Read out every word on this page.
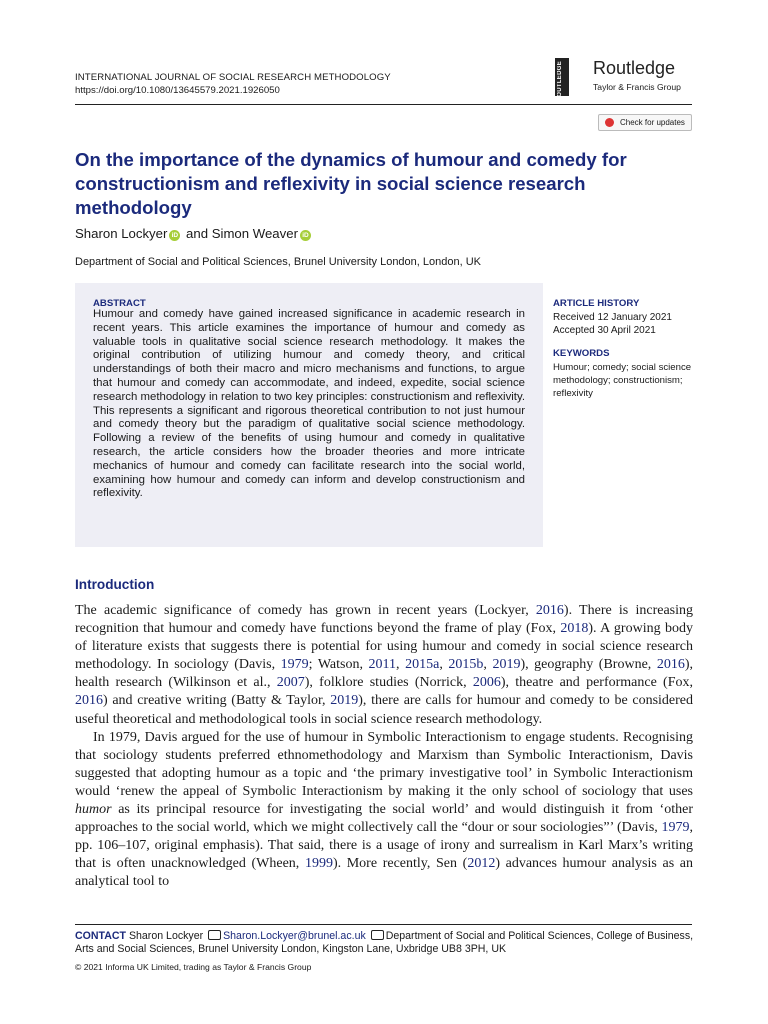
INTERNATIONAL JOURNAL OF SOCIAL RESEARCH METHODOLOGY
https://doi.org/10.1080/13645579.2021.1926050	ROUTLEDGE Routledge
Taylor & Francis Group
Check for updates
On the importance of the dynamics of humour and comedy for constructionism and reflexivity in social science research methodology
Sharon Lockyer iD and Simon Weaver iD
Department of Social and Political Sciences, Brunel University London, London, UK
ABSTRACT
Humour and comedy have gained increased significance in academic research in recent years. This article examines the importance of humour and comedy as valuable tools in qualitative social science research methodology. It makes the original contribution of utilizing humour and comedy theory, and critical understandings of both their macro and micro mechanisms and functions, to argue that humour and comedy can accommodate, and indeed, expedite, social science research methodology in relation to two key principles: constructionism and reflexivity. This represents a significant and rigorous theoretical contribution to not just humour and comedy theory but the paradigm of qualitative social science methodology. Following a review of the benefits of using humour and comedy in qualitative research, the article considers how the broader theories and more intricate mechanics of humour and comedy can facilitate research into the social world, examining how humour and comedy can inform and develop constructionism and reflexivity.
ARTICLE HISTORY
Received 12 January 2021
Accepted 30 April 2021
KEYWORDS
Humour; comedy; social science methodology; constructionism; reflexivity
Introduction

The academic significance of comedy has grown in recent years (Lockyer, 2016). There is increasing recognition that humour and comedy have functions beyond the frame of play (Fox, 2018). A growing body of literature exists that suggests there is potential for using humour and comedy in social science research methodology. In sociology (Davis, 1979; Watson, 2011, 2015a, 2015b, 2019), geography (Browne, 2016), health research (Wilkinson et al., 2007), folklore studies (Norrick, 2006), theatre and performance (Fox, 2016) and creative writing (Batty & Taylor, 2019), there are calls for humour and comedy to be considered useful theoretical and methodological tools in social science research methodology.

In 1979, Davis argued for the use of humour in Symbolic Interactionism to engage students. Recognising that sociology students preferred ethnomethodology and Marxism than Symbolic Interactionism, Davis suggested that adopting humour as a topic and ‘the primary investigative tool’ in Symbolic Interactionism would ‘renew the appeal of Symbolic Interactionism by making it the only school of sociology that uses humor as its principal resource for investigating the social world’ and would distinguish it from ‘other approaches to the social world, which we might collectively call the “dour or sour sociologies”’ (Davis, 1979, pp. 106–107, original emphasis). That said, there is a usage of irony and surrealism in Karl Marx’s writing that is often unacknowledged (Wheen, 1999). More recently, Sen (2012) advances humour analysis as an analytical tool to

CONTACT Sharon Lockyer Sharon.Lockyer@brunel.ac.uk Department of Social and Political Sciences, College of Business, Arts and Social Sciences, Brunel University London, Kingston Lane, Uxbridge UB8 3PH, UK
© 2021 Informa UK Limited, trading as Taylor & Francis Group
